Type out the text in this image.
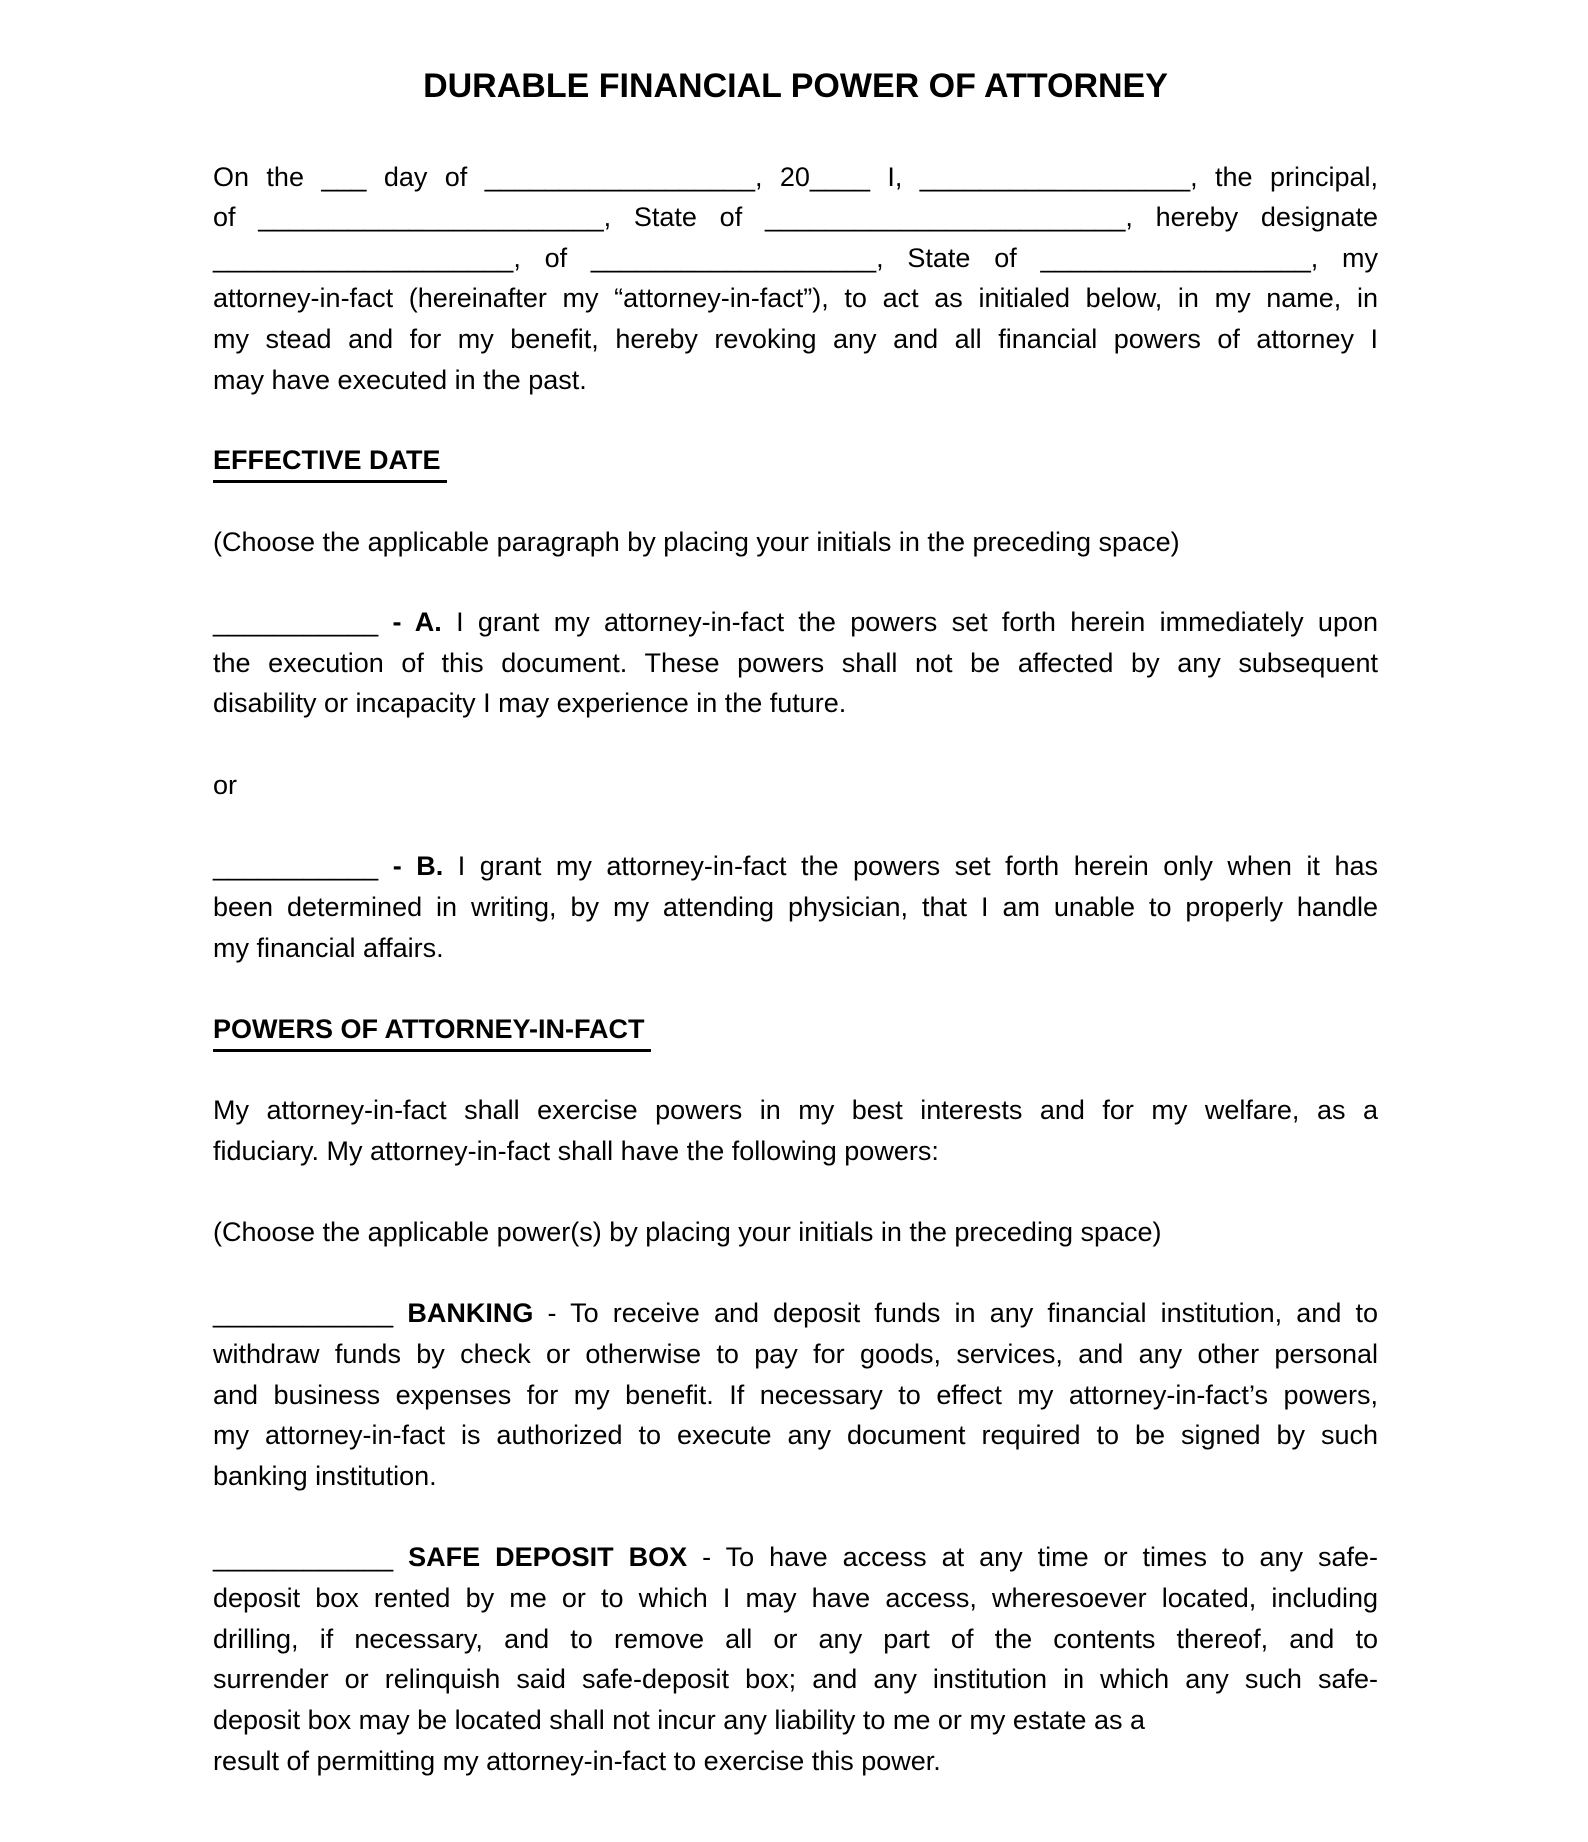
DURABLE FINANCIAL POWER OF ATTORNEY
On the ___ day of __________________, 20____ I, __________________, the principal,
of _______________________, State of ________________________, hereby designate
____________________, of ___________________, State of __________________, my
attorney-in-fact (hereinafter my “attorney-in-fact”), to act as initialed below, in my name, in
my stead and for my benefit, hereby revoking any and all financial powers of attorney I
may have executed in the past.
EFFECTIVE DATE
(Choose the applicable paragraph by placing your initials in the preceding space)
___________ - A. I grant my attorney-in-fact the powers set forth herein immediately upon
the execution of this document. These powers shall not be affected by any subsequent
disability or incapacity I may experience in the future.
or
___________ - B. I grant my attorney-in-fact the powers set forth herein only when it has
been determined in writing, by my attending physician, that I am unable to properly handle
my financial affairs.
POWERS OF ATTORNEY-IN-FACT
My attorney-in-fact shall exercise powers in my best interests and for my welfare, as a
fiduciary. My attorney-in-fact shall have the following powers:
(Choose the applicable power(s) by placing your initials in the preceding space)
____________ BANKING - To receive and deposit funds in any financial institution, and to
withdraw funds by check or otherwise to pay for goods, services, and any other personal
and business expenses for my benefit. If necessary to effect my attorney-in-fact’s powers,
my attorney-in-fact is authorized to execute any document required to be signed by such
banking institution.
____________ SAFE DEPOSIT BOX - To have access at any time or times to any safe-
deposit box rented by me or to which I may have access, wheresoever located, including
drilling, if necessary, and to remove all or any part of the contents thereof, and to
surrender or relinquish said safe-deposit box; and any institution in which any such safe-
deposit box may be located shall not incur any liability to me or my estate as a
result of permitting my attorney-in-fact to exercise this power.
